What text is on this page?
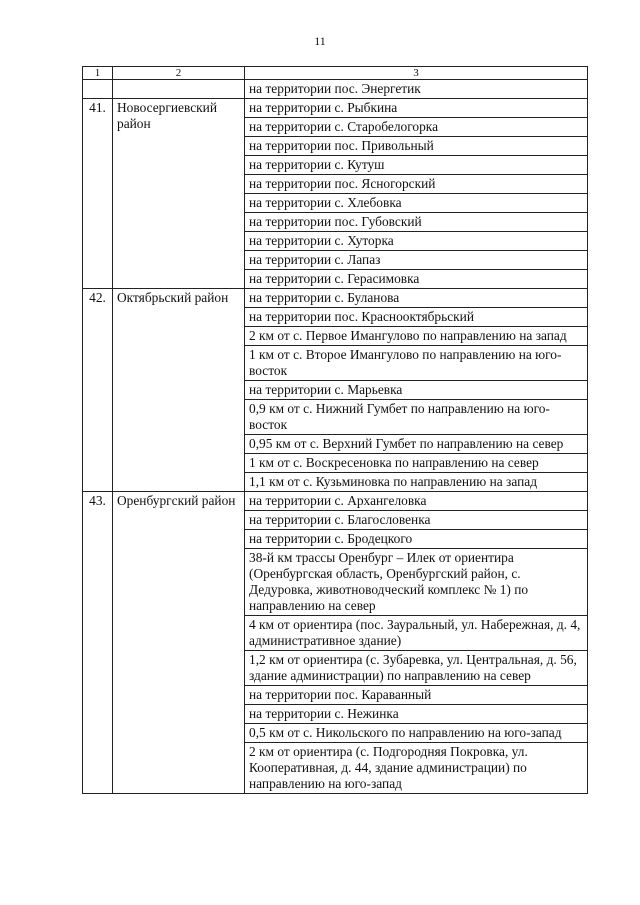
11
1	2	3
		на территории пос. Энергетик
41.	Новосергиевский район	на территории с. Рыбкина
		на территории с. Старобелогорка
		на территории пос. Привольный
		на территории с. Кутуш
		на территории пос. Ясногорский
		на территории с. Хлебовка
		на территории пос. Губовский
		на территории с. Хуторка
		на территории с. Лапаз
		на территории с. Герасимовка
42.	Октябрьский район	на территории с. Буланова
		на территории пос. Краснооктябрьский
		2 км от с. Первое Имангулово по направлению на запад
		1 км от с. Второе Имангулово по направлению на юго-восток
		на территории с. Марьевка
		0,9 км от с. Нижний Гумбет по направлению на юго-восток
		0,95 км от с. Верхний Гумбет по направлению на север
		1 км от с. Воскресеновка по направлению на север
		1,1 км от с. Кузьминовка по направлению на запад
43.	Оренбургский район	на территории с. Архангеловка
		на территории с. Благословенка
		на территории с. Бродецкого
		38-й км трассы Оренбург – Илек от ориентира (Оренбургская область, Оренбургский район, с. Дедуровка, животноводческий комплекс № 1) по направлению на север
		4 км от ориентира (пос. Зауральный, ул. Набережная, д. 4, административное здание)
		1,2 км от ориентира (с. Зубаревка, ул. Центральная, д. 56, здание администрации) по направлению на север
		на территории пос. Караванный
		на территории с. Нежинка
		0,5 км от с. Никольского по направлению на юго-запад
		2 км от ориентира (с. Подгородняя Покровка, ул. Кооперативная, д. 44, здание администрации) по направлению на юго-запад
